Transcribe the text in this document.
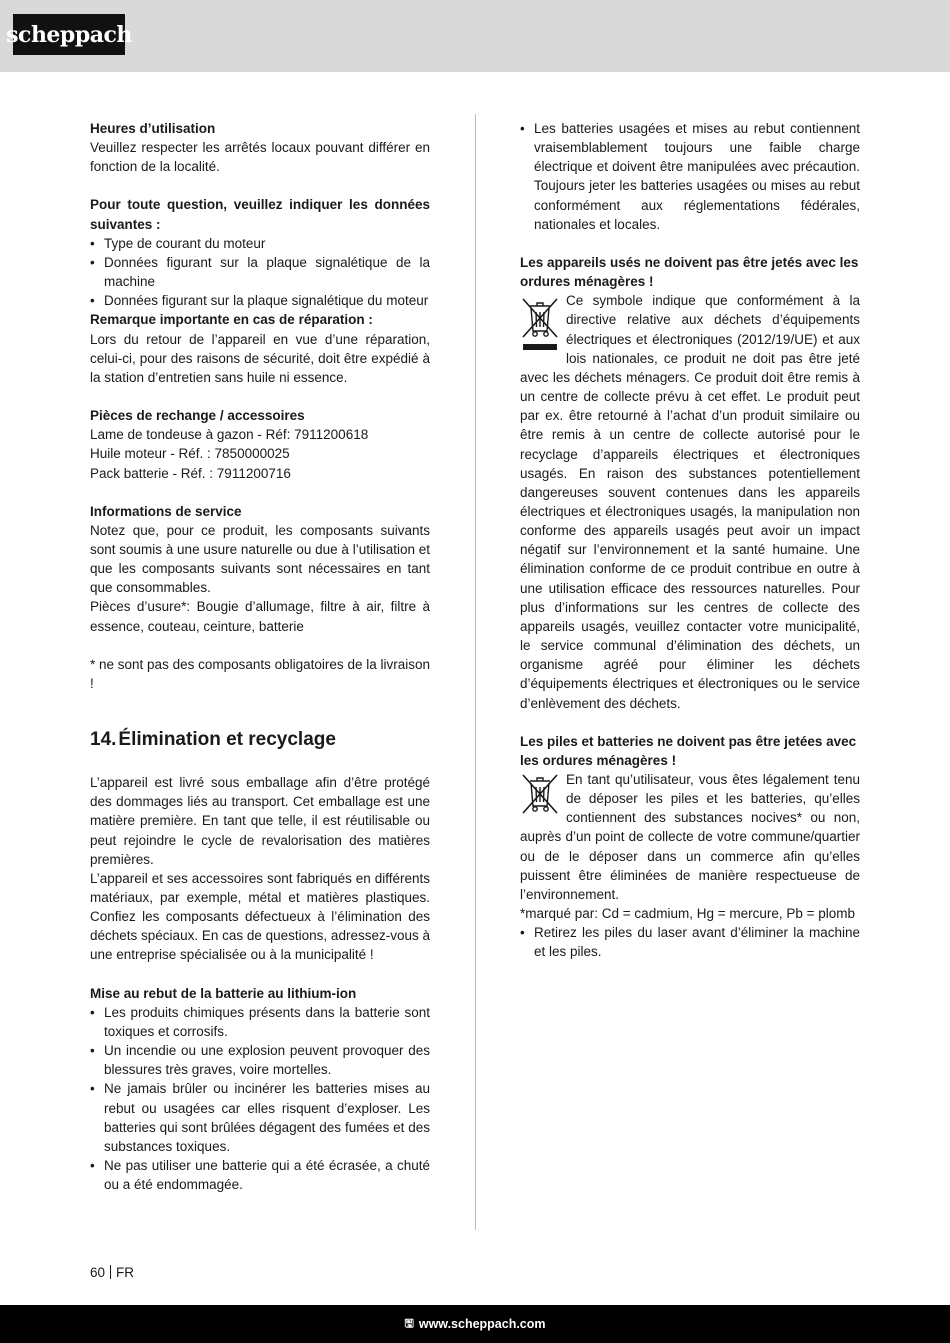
scheppach

Heures d’utilisation

Veuillez respecter les arrêtés locaux pouvant différer en fonction de la localité.

Pour toute question, veuillez indiquer les données suivantes :

• Type de courant du moteur
• Données figurant sur la plaque signalétique de la machine
• Données figurant sur la plaque signalétique du moteur

Remarque importante en cas de réparation :

Lors du retour de l’appareil en vue d’une réparation, celui-ci, pour des raisons de sécurité, doit être expédié à la station d’entretien sans huile ni essence.

Pièces de rechange / accessoires

Lame de tondeuse à gazon - Réf: 7911200618

Huile moteur - Réf. : 7850000025

Pack batterie - Réf. : 7911200716

Informations de service

Notez que, pour ce produit, les composants suivants sont soumis à une usure naturelle ou due à l’utilisation et que les composants suivants sont nécessaires en tant que consommables.

Pièces d’usure*: Bougie d’allumage, filtre à air, filtre à essence, couteau, ceinture, batterie

* ne sont pas des composants obligatoires de la livraison !

14. Élimination et recyclage

L’appareil est livré sous emballage afin d’être protégé des dommages liés au transport. Cet emballage est une matière première. En tant que telle, il est réutilisable ou peut rejoindre le cycle de revalorisation des matières premières.

L’appareil et ses accessoires sont fabriqués en différents matériaux, par exemple, métal et matières plastiques. Confiez les composants défectueux à l’élimination des déchets spéciaux. En cas de questions, adressez-vous à une entreprise spécialisée ou à la municipalité !

Mise au rebut de la batterie au lithium-ion

• Les produits chimiques présents dans la batterie sont toxiques et corrosifs.
• Un incendie ou une explosion peuvent provoquer des blessures très graves, voire mortelles.
• Ne jamais brûler ou incinérer les batteries mises au rebut ou usagées car elles risquent d’exploser. Les batteries qui sont brûlées dégagent des fumées et des substances toxiques.
• Ne pas utiliser une batterie qui a été écrasée, a chuté ou a été endommagée.
• Les batteries usagées et mises au rebut contiennent vraisemblablement toujours une faible charge électrique et doivent être manipulées avec précaution. Toujours jeter les batteries usagées ou mises au rebut conformément aux réglementations fédérales, nationales et locales.

Les appareils usés ne doivent pas être jetés avec les ordures ménagères !

Ce symbole indique que conformément à la directive relative aux déchets d’équipements électriques et électroniques (2012/19/UE) et aux lois nationales, ce produit ne doit pas être jeté avec les déchets ménagers. Ce produit doit être remis à un centre de collecte prévu à cet effet. Le produit peut par ex. être retourné à l’achat d’un produit similaire ou être remis à un centre de collecte autorisé pour le recyclage d’appareils électriques et électroniques usagés. En raison des substances potentiellement dangereuses souvent contenues dans les appareils électriques et électroniques usagés, la manipulation non conforme des appareils usagés peut avoir un impact négatif sur l’environnement et la santé humaine. Une élimination conforme de ce produit contribue en outre à une utilisation efficace des ressources naturelles. Pour plus d’informations sur les centres de collecte des appareils usagés, veuillez contacter votre municipalité, le service communal d’élimination des déchets, un organisme agréé pour éliminer les déchets d’équipements électriques et électroniques ou le service d’enlèvement des déchets.

Les piles et batteries ne doivent pas être jetées avec les ordures ménagères !

En tant qu’utilisateur, vous êtes légalement tenu de déposer les piles et les batteries, qu’elles contiennent des substances nocives* ou non, auprès d’un point de collecte de votre commune/quartier ou de le déposer dans un commerce afin qu’elles puissent être éliminées de manière respectueuse de l’environnement.

*marqué par: Cd = cadmium, Hg = mercure, Pb = plomb

• Retirez les piles du laser avant d’éliminer la machine et les piles.
60 FR
🖫 www.scheppach.com
